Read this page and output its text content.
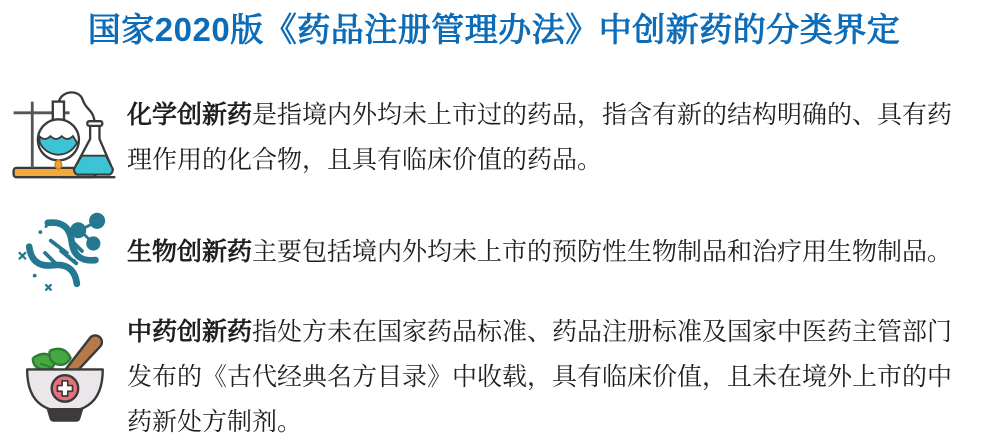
国家2020版《药品注册管理办法》中创新药的分类界定
化学创新药是指境内外均未上市过的药品，指含有新的结构明确的、具有药
理作用的化合物，且具有临床价值的药品。
生物创新药主要包括境内外均未上市的预防性生物制品和治疗用生物制品。
中药创新药指处方未在国家药品标准、药品注册标准及国家中医药主管部门
发布的《古代经典名方目录》中收载，具有临床价值，且未在境外上市的中
药新处方制剂。
